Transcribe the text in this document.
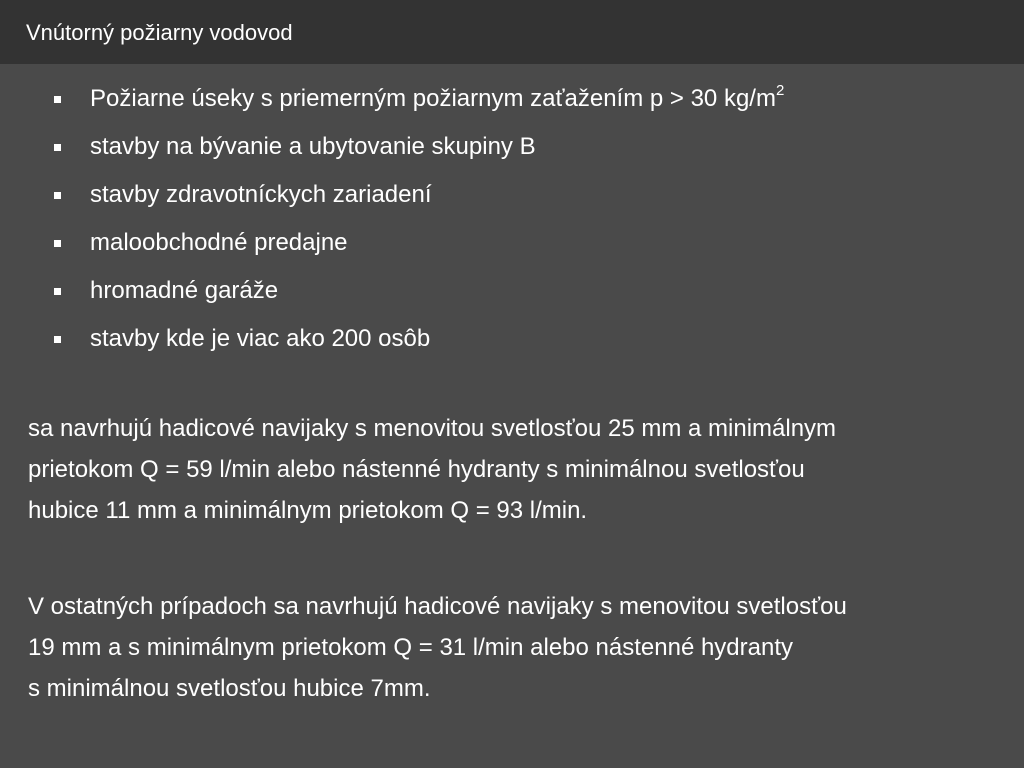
Vnútorný požiarny vodovod
Požiarne úseky s priemerným požiarnym zaťažením p > 30 $kg/m^2$
stavby na bývanie a ubytovanie skupiny B
stavby zdravotníckych zariadení
maloobchodné predajne
hromadné garáže
stavby kde je viac ako 200 osôb

sa navrhujú hadicové navijaky s menovitou svetlosťou 25 mm a minimálnym
prietokom Q = 59 l/min alebo nástenné hydranty s minimálnou svetlosťou
hubice 11 mm a minimálnym prietokom Q = 93 l/min.

V ostatných prípadoch sa navrhujú hadicové navijaky s menovitou svetlosťou
19 mm a s minimálnym prietokom Q = 31 l/min alebo nástenné hydranty
s minimálnou svetlosťou hubice 7mm.
